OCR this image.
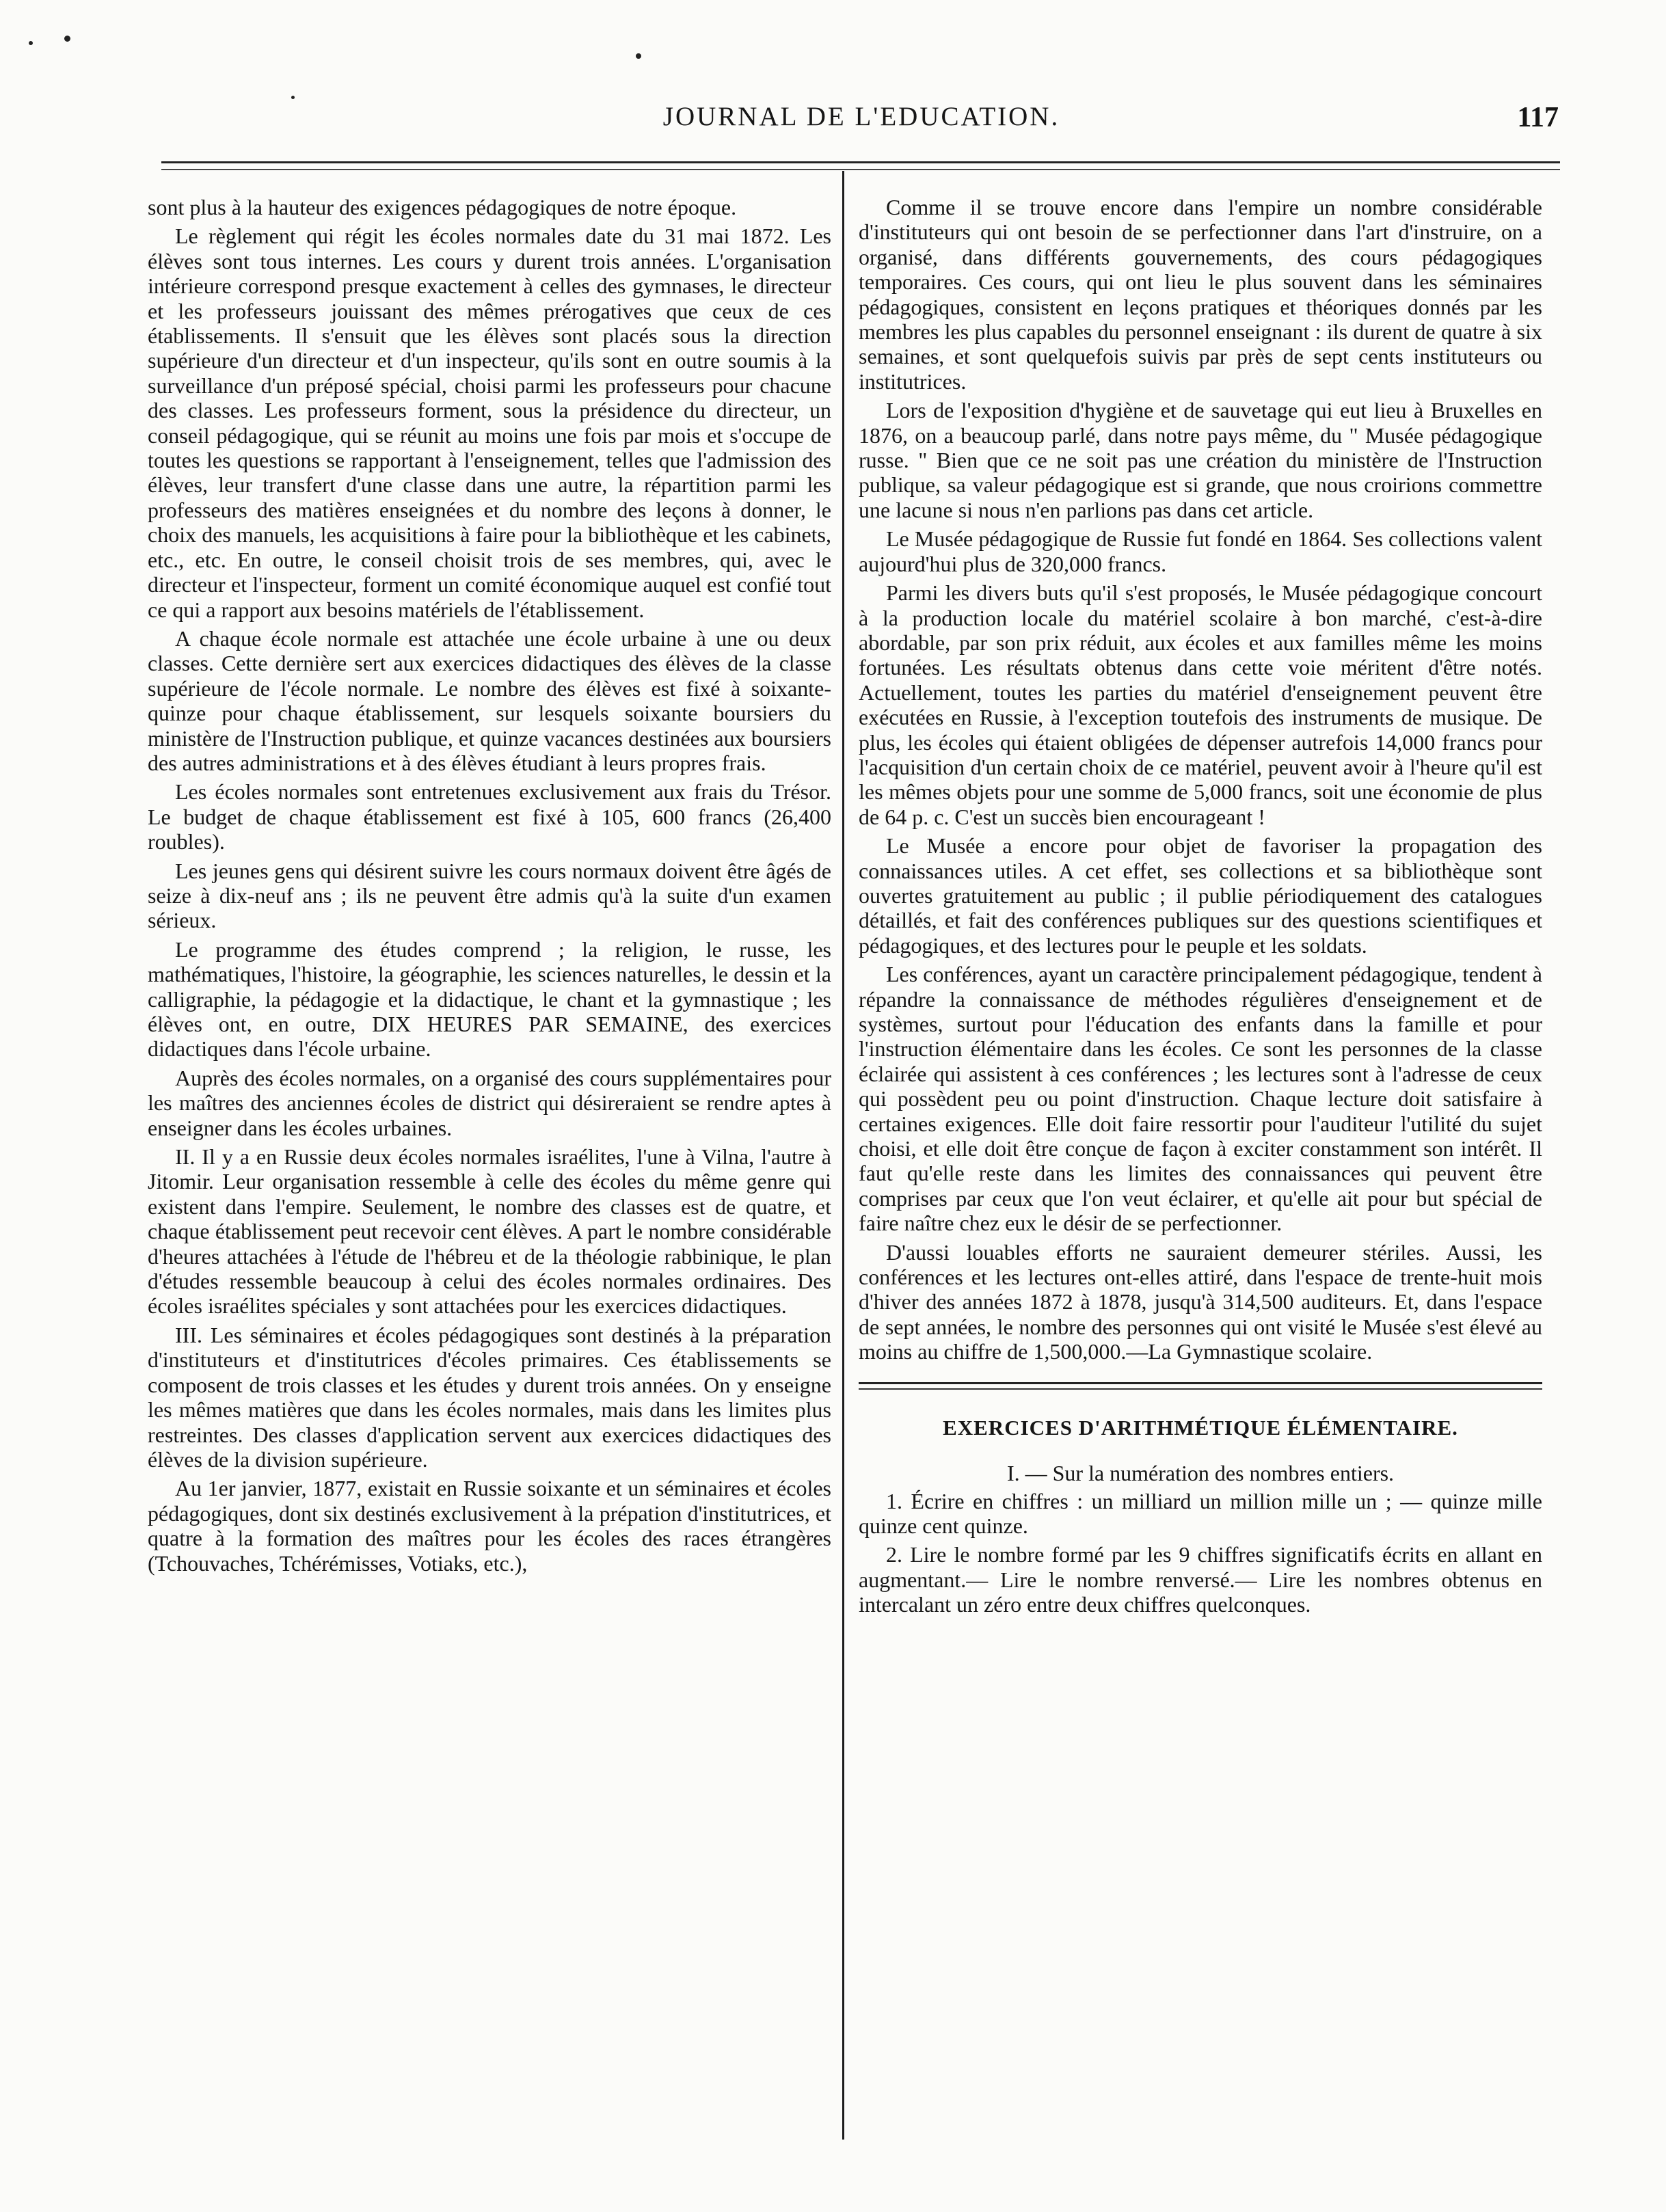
JOURNAL DE L'EDUCATION.	117

sont plus à la hauteur des exigences pédagogiques de notre époque.

Le règlement qui régit les écoles normales date du 31 mai 1872. Les élèves sont tous internes. Les cours y durent trois années. L'organisation intérieure correspond presque exactement à celles des gymnases, le directeur et les professeurs jouissant des mêmes prérogatives que ceux de ces établissements. Il s'ensuit que les élèves sont placés sous la direction supérieure d'un directeur et d'un inspecteur, qu'ils sont en outre soumis à la surveillance d'un préposé spécial, choisi parmi les professeurs pour chacune des classes. Les professeurs forment, sous la présidence du directeur, un conseil pédagogique, qui se réunit au moins une fois par mois et s'occupe de toutes les questions se rapportant à l'enseignement, telles que l'admission des élèves, leur transfert d'une classe dans une autre, la répartition parmi les professeurs des matières enseignées et du nombre des leçons à donner, le choix des manuels, les acquisitions à faire pour la bibliothèque et les cabinets, etc., etc. En outre, le conseil choisit trois de ses membres, qui, avec le directeur et l'inspecteur, forment un comité économique auquel est confié tout ce qui a rapport aux besoins matériels de l'établissement.

A chaque école normale est attachée une école urbaine à une ou deux classes. Cette dernière sert aux exercices didactiques des élèves de la classe supérieure de l'école normale. Le nombre des élèves est fixé à soixante-quinze pour chaque établissement, sur lesquels soixante boursiers du ministère de l'Instruction publique, et quinze vacances destinées aux boursiers des autres administrations et à des élèves étudiant à leurs propres frais.

Les écoles normales sont entretenues exclusivement aux frais du Trésor. Le budget de chaque établissement est fixé à 105, 600 francs (26,400 roubles).

Les jeunes gens qui désirent suivre les cours normaux doivent être âgés de seize à dix-neuf ans ; ils ne peuvent être admis qu'à la suite d'un examen sérieux.

Le programme des études comprend ; la religion, le russe, les mathématiques, l'histoire, la géographie, les sciences naturelles, le dessin et la calligraphie, la pédagogie et la didactique, le chant et la gymnastique ; les élèves ont, en outre, DIX HEURES PAR SEMAINE, des exercices didactiques dans l'école urbaine.

Auprès des écoles normales, on a organisé des cours supplémentaires pour les maîtres des anciennes écoles de district qui désireraient se rendre aptes à enseigner dans les écoles urbaines.

II. Il y a en Russie deux écoles normales israélites, l'une à Vilna, l'autre à Jitomir. Leur organisation ressemble à celle des écoles du même genre qui existent dans l'empire. Seulement, le nombre des classes est de quatre, et chaque établissement peut recevoir cent élèves. A part le nombre considérable d'heures attachées à l'étude de l'hébreu et de la théologie rabbinique, le plan d'études ressemble beaucoup à celui des écoles normales ordinaires. Des écoles israélites spéciales y sont attachées pour les exercices didactiques.

III. Les séminaires et écoles pédagogiques sont destinés à la préparation d'instituteurs et d'institutrices d'écoles primaires. Ces établissements se composent de trois classes et les études y durent trois années. On y enseigne les mêmes matières que dans les écoles normales, mais dans les limites plus restreintes. Des classes d'application servent aux exercices didactiques des élèves de la division supérieure.

Au 1er janvier, 1877, existait en Russie soixante et un séminaires et écoles pédagogiques, dont six destinés exclusivement à la prépation d'institutrices, et quatre à la formation des maîtres pour les écoles des races étrangères (Tchouvaches, Tchérémisses, Votiaks, etc.),

Comme il se trouve encore dans l'empire un nombre considérable d'instituteurs qui ont besoin de se perfectionner dans l'art d'instruire, on a organisé, dans différents gouvernements, des cours pédagogiques temporaires. Ces cours, qui ont lieu le plus souvent dans les séminaires pédagogiques, consistent en leçons pratiques et théoriques donnés par les membres les plus capables du personnel enseignant : ils durent de quatre à six semaines, et sont quelquefois suivis par près de sept cents instituteurs ou institutrices.

Lors de l'exposition d'hygiène et de sauvetage qui eut lieu à Bruxelles en 1876, on a beaucoup parlé, dans notre pays même, du " Musée pédagogique russe. " Bien que ce ne soit pas une création du ministère de l'Instruction publique, sa valeur pédagogique est si grande, que nous croirions commettre une lacune si nous n'en parlions pas dans cet article.

Le Musée pédagogique de Russie fut fondé en 1864. Ses collections valent aujourd'hui plus de 320,000 francs.

Parmi les divers buts qu'il s'est proposés, le Musée pédagogique concourt à la production locale du matériel scolaire à bon marché, c'est-à-dire abordable, par son prix réduit, aux écoles et aux familles même les moins fortunées. Les résultats obtenus dans cette voie méritent d'être notés. Actuellement, toutes les parties du matériel d'enseignement peuvent être exécutées en Russie, à l'exception toutefois des instruments de musique. De plus, les écoles qui étaient obligées de dépenser autrefois 14,000 francs pour l'acquisition d'un certain choix de ce matériel, peuvent avoir à l'heure qu'il est les mêmes objets pour une somme de 5,000 francs, soit une économie de plus de 64 p. c. C'est un succès bien encourageant !

Le Musée a encore pour objet de favoriser la propagation des connaissances utiles. A cet effet, ses collections et sa bibliothèque sont ouvertes gratuitement au public ; il publie périodiquement des catalogues détaillés, et fait des conférences publiques sur des questions scientifiques et pédagogiques, et des lectures pour le peuple et les soldats.

Les conférences, ayant un caractère principalement pédagogique, tendent à répandre la connaissance de méthodes régulières d'enseignement et de systèmes, surtout pour l'éducation des enfants dans la famille et pour l'instruction élémentaire dans les écoles. Ce sont les personnes de la classe éclairée qui assistent à ces conférences ; les lectures sont à l'adresse de ceux qui possèdent peu ou point d'instruction. Chaque lecture doit satisfaire à certaines exigences. Elle doit faire ressortir pour l'auditeur l'utilité du sujet choisi, et elle doit être conçue de façon à exciter constamment son intérêt. Il faut qu'elle reste dans les limites des connaissances qui peuvent être comprises par ceux que l'on veut éclairer, et qu'elle ait pour but spécial de faire naître chez eux le désir de se perfectionner.

D'aussi louables efforts ne sauraient demeurer stériles. Aussi, les conférences et les lectures ont-elles attiré, dans l'espace de trente-huit mois d'hiver des années 1872 à 1878, jusqu'à 314,500 auditeurs. Et, dans l'espace de sept années, le nombre des personnes qui ont visité le Musée s'est élevé au moins au chiffre de 1,500,000.—La Gymnastique scolaire.

EXERCICES D'ARITHMÉTIQUE ÉLÉMENTAIRE.
I. — Sur la numération des nombres entiers.

1. Écrire en chiffres : un milliard un million mille un ; — quinze mille quinze cent quinze.

2. Lire le nombre formé par les 9 chiffres significatifs écrits en allant en augmentant.— Lire le nombre renversé.— Lire les nombres obtenus en intercalant un zéro entre deux chiffres quelconques.
